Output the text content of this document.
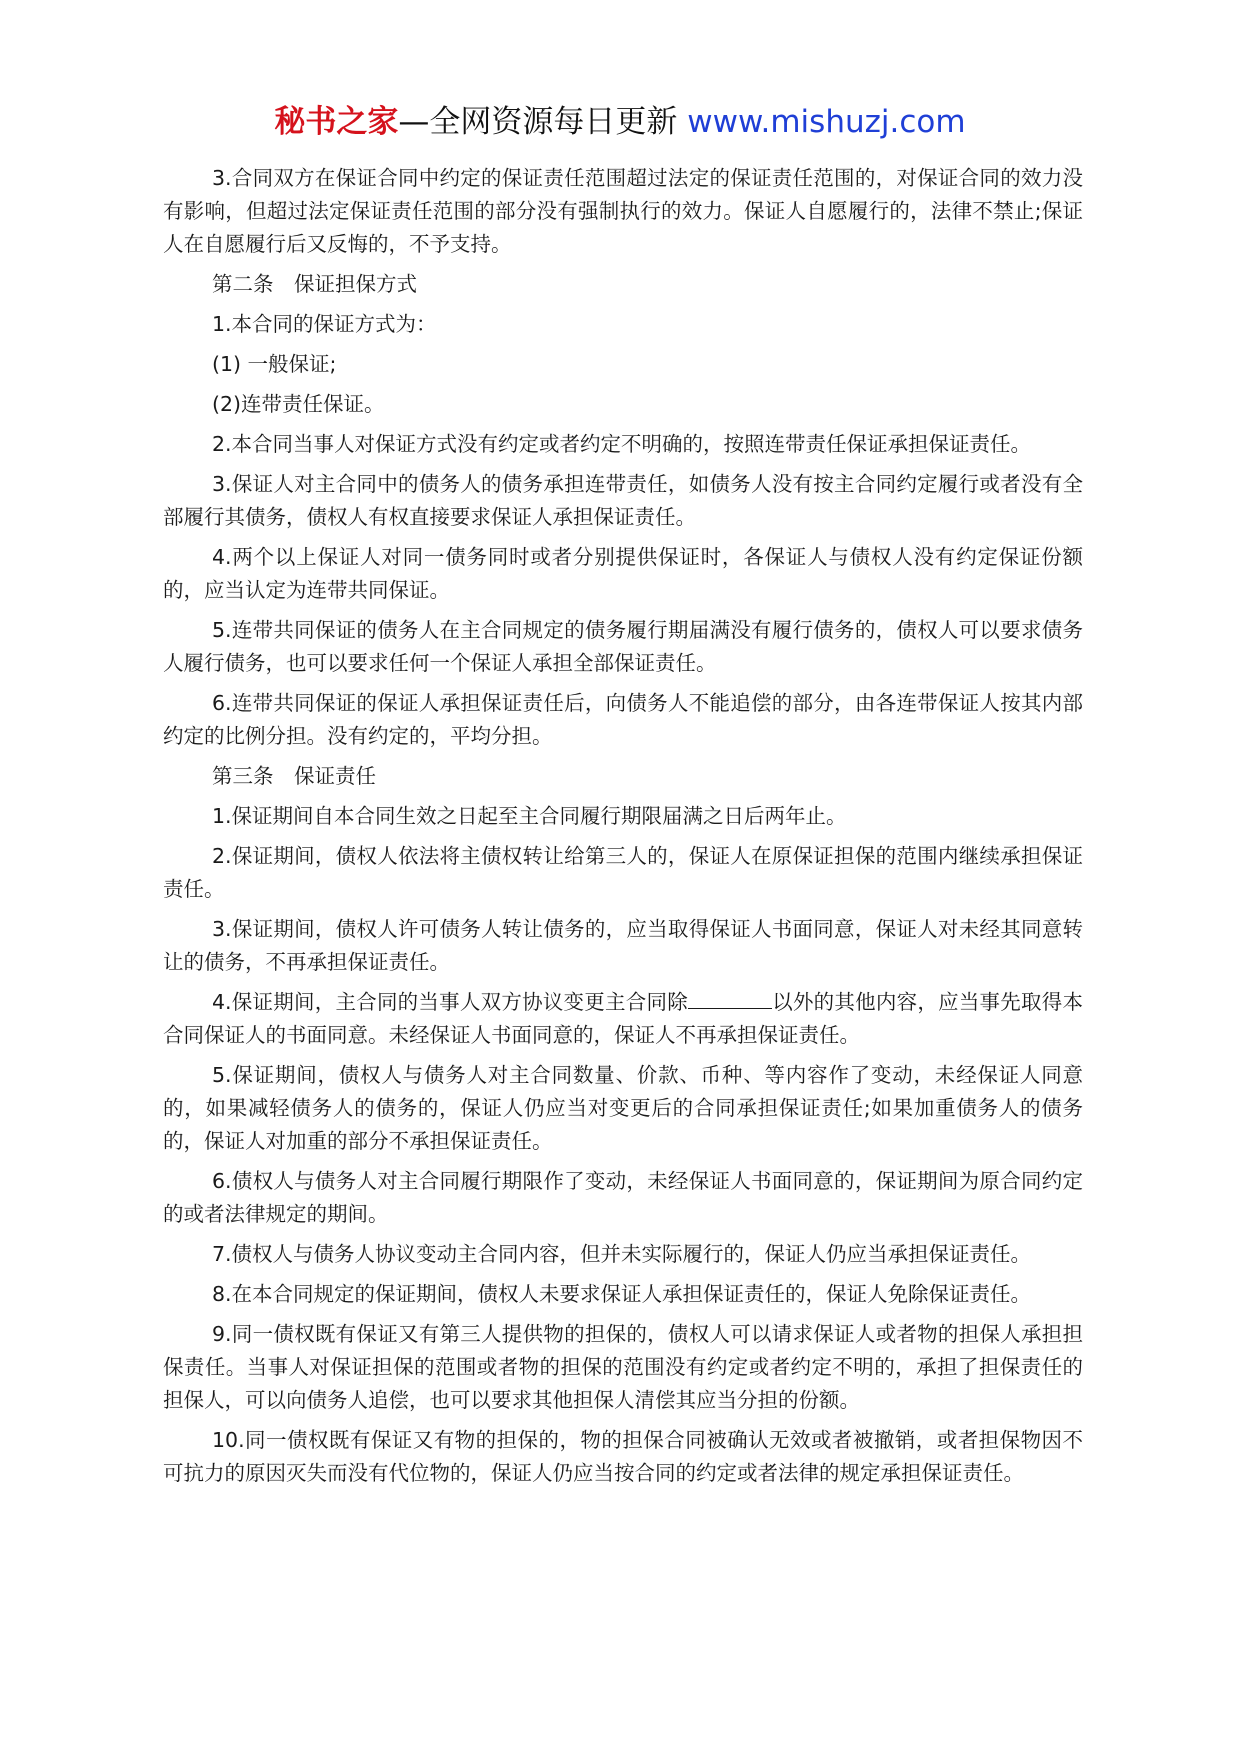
秘书之家—全网资源每日更新 www.mishuzj.com

3.合同双方在保证合同中约定的保证责任范围超过法定的保证责任范围的，对保证合同的效力没有影响，但超过法定保证责任范围的部分没有强制执行的效力。保证人自愿履行的，法律不禁止;保证人在自愿履行后又反悔的，不予支持。

第二条　保证担保方式

1.本合同的保证方式为：

(1) 一般保证;

(2)连带责任保证。

2.本合同当事人对保证方式没有约定或者约定不明确的，按照连带责任保证承担保证责任。

3.保证人对主合同中的债务人的债务承担连带责任，如债务人没有按主合同约定履行或者没有全部履行其债务，债权人有权直接要求保证人承担保证责任。

4.两个以上保证人对同一债务同时或者分别提供保证时，各保证人与债权人没有约定保证份额的，应当认定为连带共同保证。

5.连带共同保证的债务人在主合同规定的债务履行期届满没有履行债务的，债权人可以要求债务人履行债务，也可以要求任何一个保证人承担全部保证责任。

6.连带共同保证的保证人承担保证责任后，向债务人不能追偿的部分，由各连带保证人按其内部约定的比例分担。没有约定的，平均分担。

第三条　保证责任

1.保证期间自本合同生效之日起至主合同履行期限届满之日后两年止。

2.保证期间，债权人依法将主债权转让给第三人的，保证人在原保证担保的范围内继续承担保证责任。

3.保证期间，债权人许可债务人转让债务的，应当取得保证人书面同意，保证人对未经其同意转让的债务，不再承担保证责任。

4.保证期间，主合同的当事人双方协议变更主合同除	以外的其他内容，应当事先取得本合同保证人的书面同意。未经保证人书面同意的，保证人不再承担保证责任。

5.保证期间，债权人与债务人对主合同数量、价款、币种、等内容作了变动，未经保证人同意的，如果减轻债务人的债务的，保证人仍应当对变更后的合同承担保证责任;如果加重债务人的债务的，保证人对加重的部分不承担保证责任。

6.债权人与债务人对主合同履行期限作了变动，未经保证人书面同意的，保证期间为原合同约定的或者法律规定的期间。

7.债权人与债务人协议变动主合同内容，但并未实际履行的，保证人仍应当承担保证责任。

8.在本合同规定的保证期间，债权人未要求保证人承担保证责任的，保证人免除保证责任。

9.同一债权既有保证又有第三人提供物的担保的，债权人可以请求保证人或者物的担保人承担担保责任。当事人对保证担保的范围或者物的担保的范围没有约定或者约定不明的，承担了担保责任的担保人，可以向债务人追偿，也可以要求其他担保人清偿其应当分担的份额。

10.同一债权既有保证又有物的担保的，物的担保合同被确认无效或者被撤销，或者担保物因不可抗力的原因灭失而没有代位物的，保证人仍应当按合同的约定或者法律的规定承担保证责任。
